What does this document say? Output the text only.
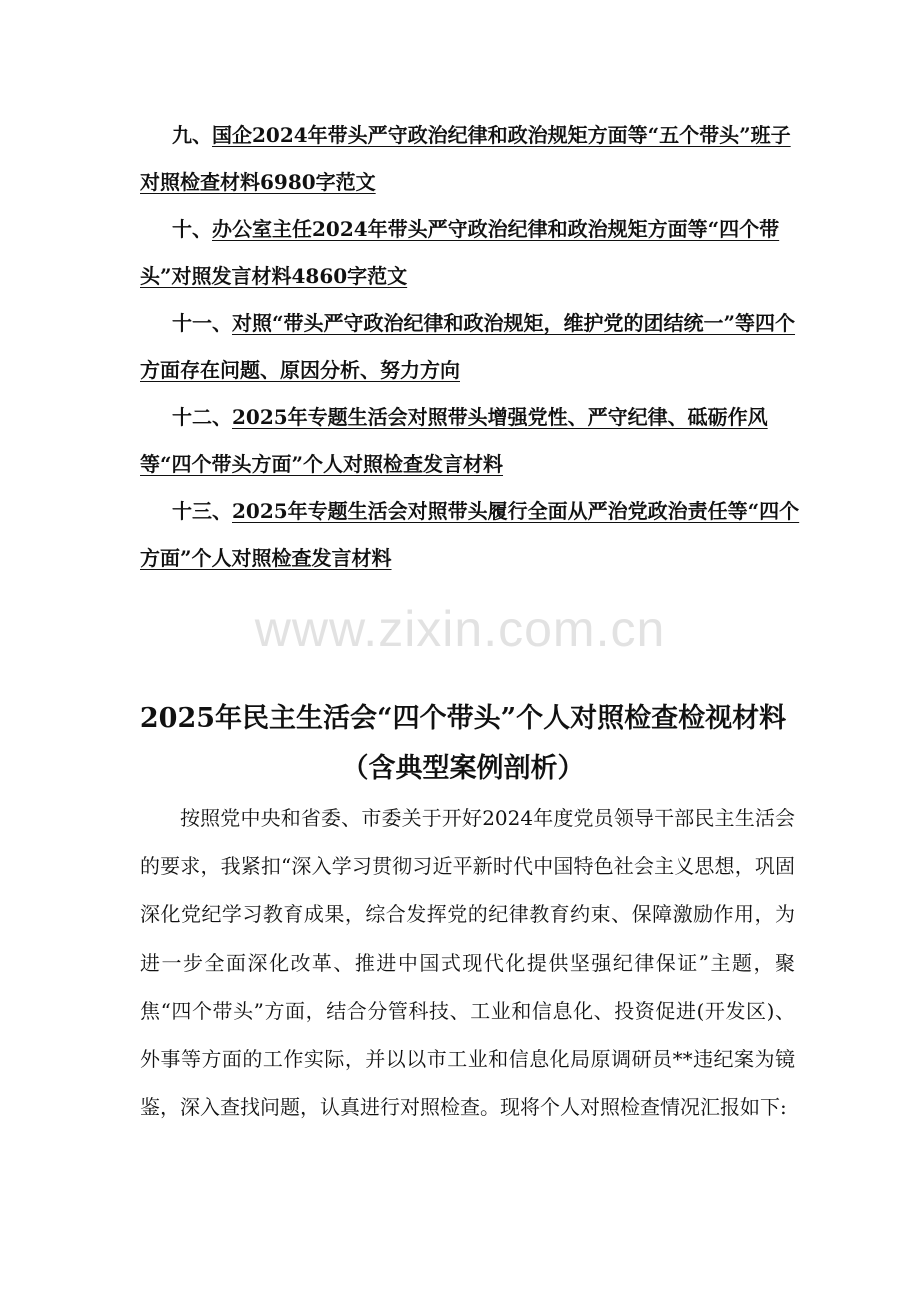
九、国企2024年带头严守政治纪律和政治规矩方面等“五个带头”班子对照检查材料6980字范文

十、办公室主任2024年带头严守政治纪律和政治规矩方面等“四个带头”对照发言材料4860字范文

十一、对照“带头严守政治纪律和政治规矩，维护党的团结统一”等四个方面存在问题、原因分析、努力方向

十二、2025年专题生活会对照带头增强党性、严守纪律、砥砺作风等“四个带头方面”个人对照检查发言材料

十三、2025年专题生活会对照带头履行全面从严治党政治责任等“四个方面”个人对照检查发言材料

www.zixin.com.cn
2025年民主生活会“四个带头”个人对照检查检视材料（含典型案例剖析）

按照党中央和省委、市委关于开好2024年度党员领导干部民主生活会的要求，我紧扣“深入学习贯彻习近平新时代中国特色社会主义思想，巩固深化党纪学习教育成果，综合发挥党的纪律教育约束、保障激励作用，为进一步全面深化改革、推进中国式现代化提供坚强纪律保证”主题，聚焦“四个带头”方面，结合分管科技、工业和信息化、投资促进(开发区)、外事等方面的工作实际，并以以市工业和信息化局原调研员**违纪案为镜鉴，深入查找问题，认真进行对照检查。现将个人对照检查情况汇报如下:
